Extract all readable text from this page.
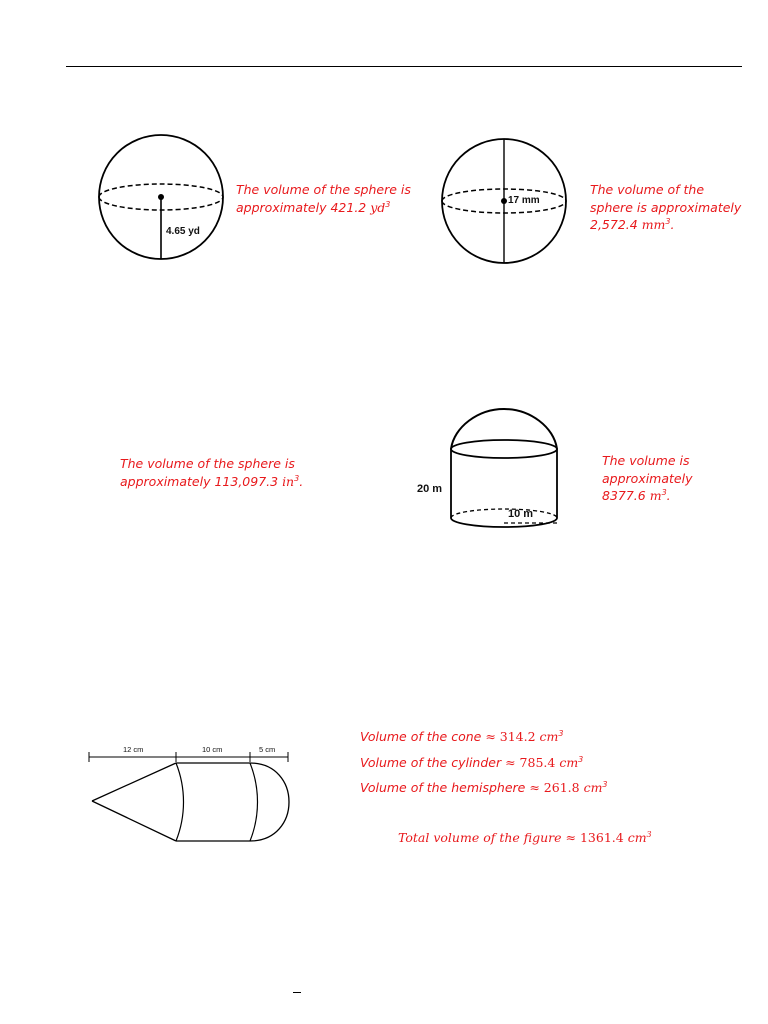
4.65 yd
The volume of the sphere is
approximately 421.2 $yd^3$	17 mm
The volume of the
sphere is approximately
2,572.4 $mm^3$.
The volume of the sphere is
approximately 113,097.3 $in^3$.
20 m
10 m
The volume is
approximately
8377.6 $m^3$.
12 cm	10 cm	5 cm
Volume of the cone ≈ 314.2 $cm^3$
Volume of the cylinder ≈ 785.4 $cm^3$
Volume of the hemisphere ≈ 261.8 $cm^3$
Total volume of the figure ≈ 1361.4 $cm^3$
